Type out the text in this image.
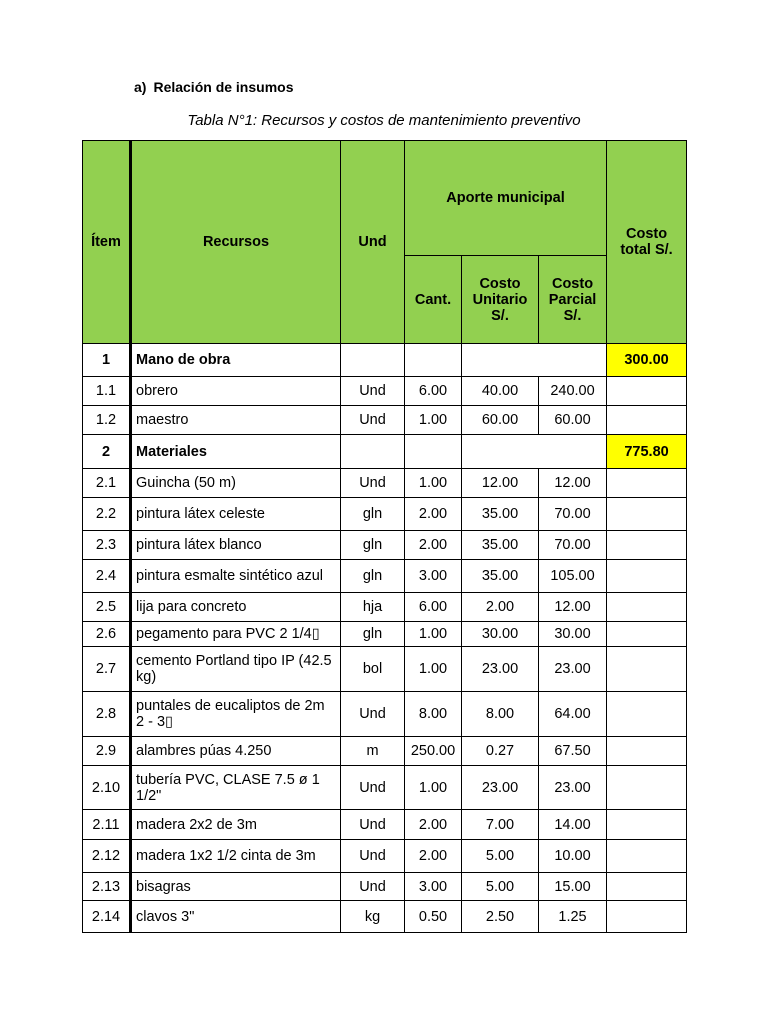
a) Relación de insumos
Tabla N°1: Recursos y costos de mantenimiento preventivo
Ítem	Recursos	Und	Aporte municipal			Costo total S/.
			Cant.	Costo Unitario S/.	Costo Parcial S/.	
1	Mano de obra					300.00
1.1	obrero	Und	6.00	40.00	240.00	
1.2	maestro	Und	1.00	60.00	60.00	
2	Materiales					775.80
2.1	Guincha (50 m)	Und	1.00	12.00	12.00	
2.2	pintura látex celeste	gln	2.00	35.00	70.00	
2.3	pintura látex blanco	gln	2.00	35.00	70.00	
2.4	pintura esmalte sintético azul	gln	3.00	35.00	105.00	
2.5	lija para concreto	hja	6.00	2.00	12.00	
2.6	pegamento para PVC 2 1/4▯	gln	1.00	30.00	30.00	
2.7	cemento Portland tipo IP (42.5 kg)	bol	1.00	23.00	23.00	
2.8	puntales de eucaliptos de 2m 2 - 3▯	Und	8.00	8.00	64.00	
2.9	alambres púas 4.250	m	250.00	0.27	67.50	
2.10	tubería PVC, CLASE 7.5 ø 1 1/2"	Und	1.00	23.00	23.00	
2.11	madera 2x2 de 3m	Und	2.00	7.00	14.00	
2.12	madera 1x2 1/2 cinta de 3m	Und	2.00	5.00	10.00	
2.13	bisagras	Und	3.00	5.00	15.00	
2.14	clavos 3"	kg	0.50	2.50	1.25	
